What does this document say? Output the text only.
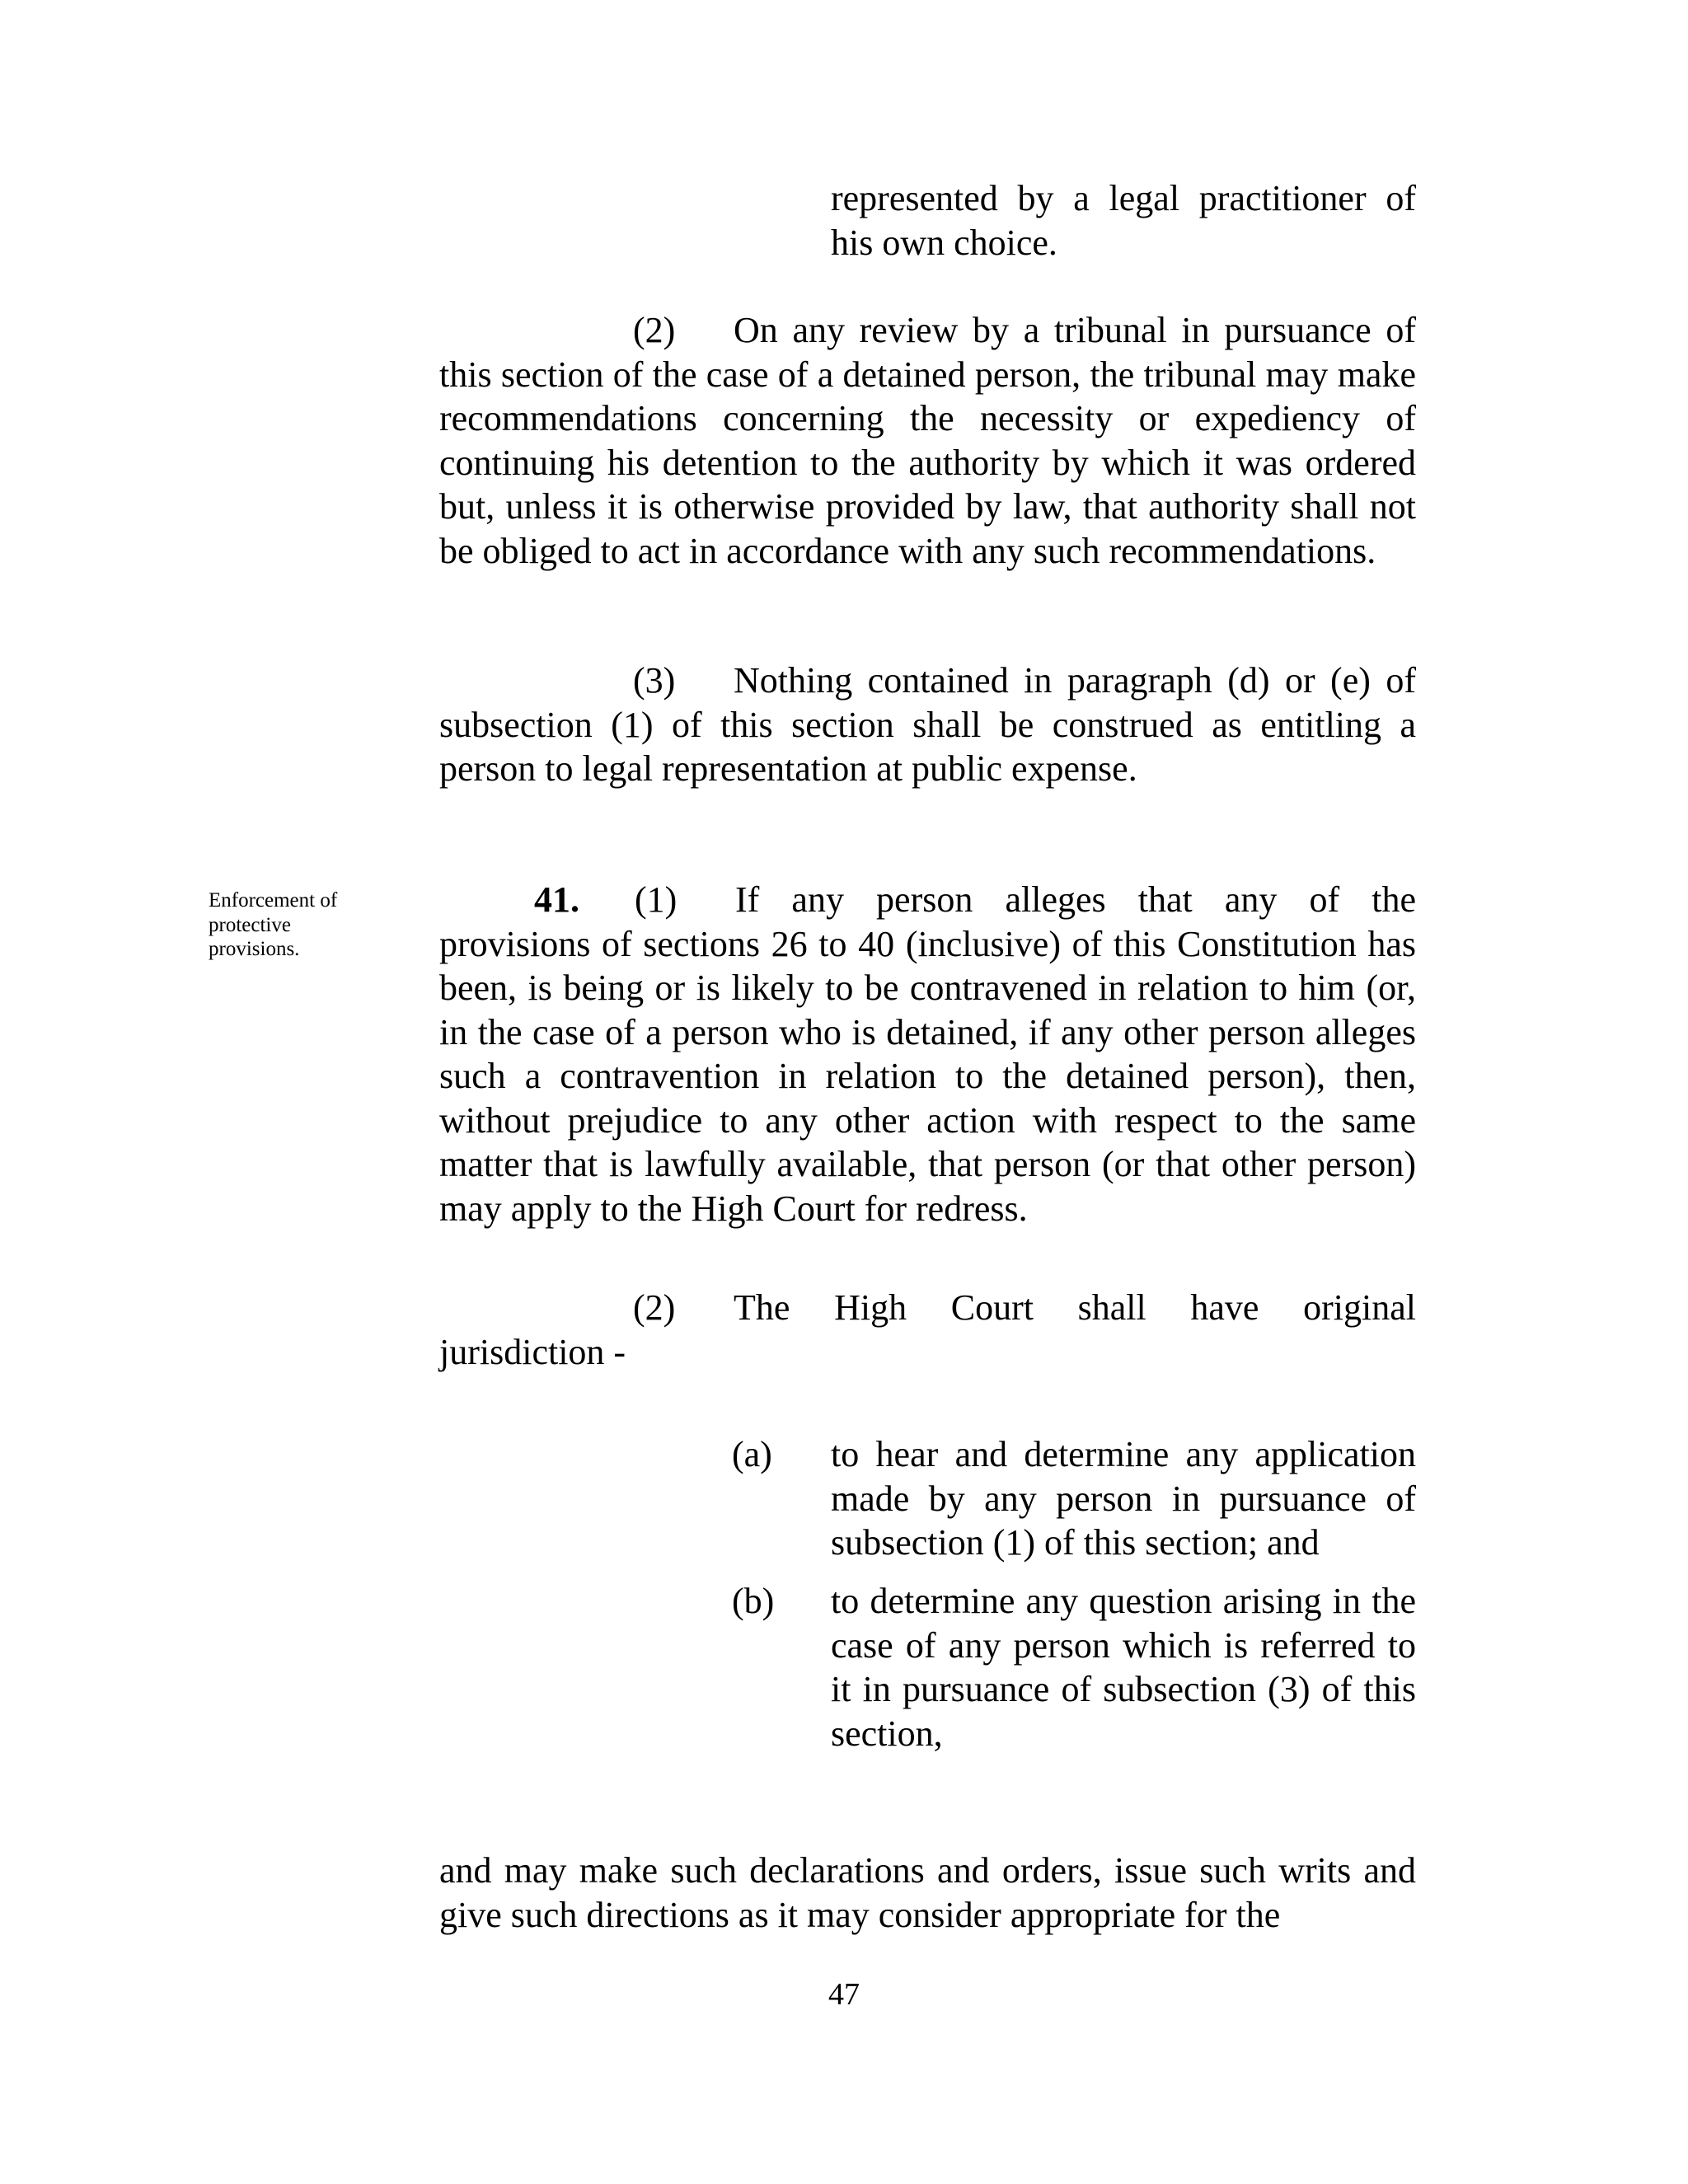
represented by a legal practitioner of
his own choice.
(2) On any review by a tribunal in pursuance of
this section of the case of a detained person, the tribunal may make recommendations concerning the necessity or expediency of continuing his detention to the authority by which it was ordered but, unless it is otherwise provided by law, that authority shall not be obliged to act in accordance with any such recommendations.
(3) Nothing contained in paragraph (d) or (e) of
subsection (1) of this section shall be construed as entitling a person to legal representation at public expense.
Enforcement of protective provisions.
41. (1) If any person alleges that any of the
provisions of sections 26 to 40 (inclusive) of this Constitution has been, is being or is likely to be contravened in relation to him (or, in the case of a person who is detained, if any other person alleges such a contravention in relation to the detained person), then, without prejudice to any other action with respect to the same matter that is lawfully available, that person (or that other person) may apply to the High Court for redress.
(2) The High Court shall have original
jurisdiction -
(a) to hear and determine any application made by any person in pursuance of subsection (1) of this section; and
(b) to determine any question arising in the case of any person which is referred to it in pursuance of subsection (3) of this section,
and may make such declarations and orders, issue such writs and give such directions as it may consider appropriate for the
47
